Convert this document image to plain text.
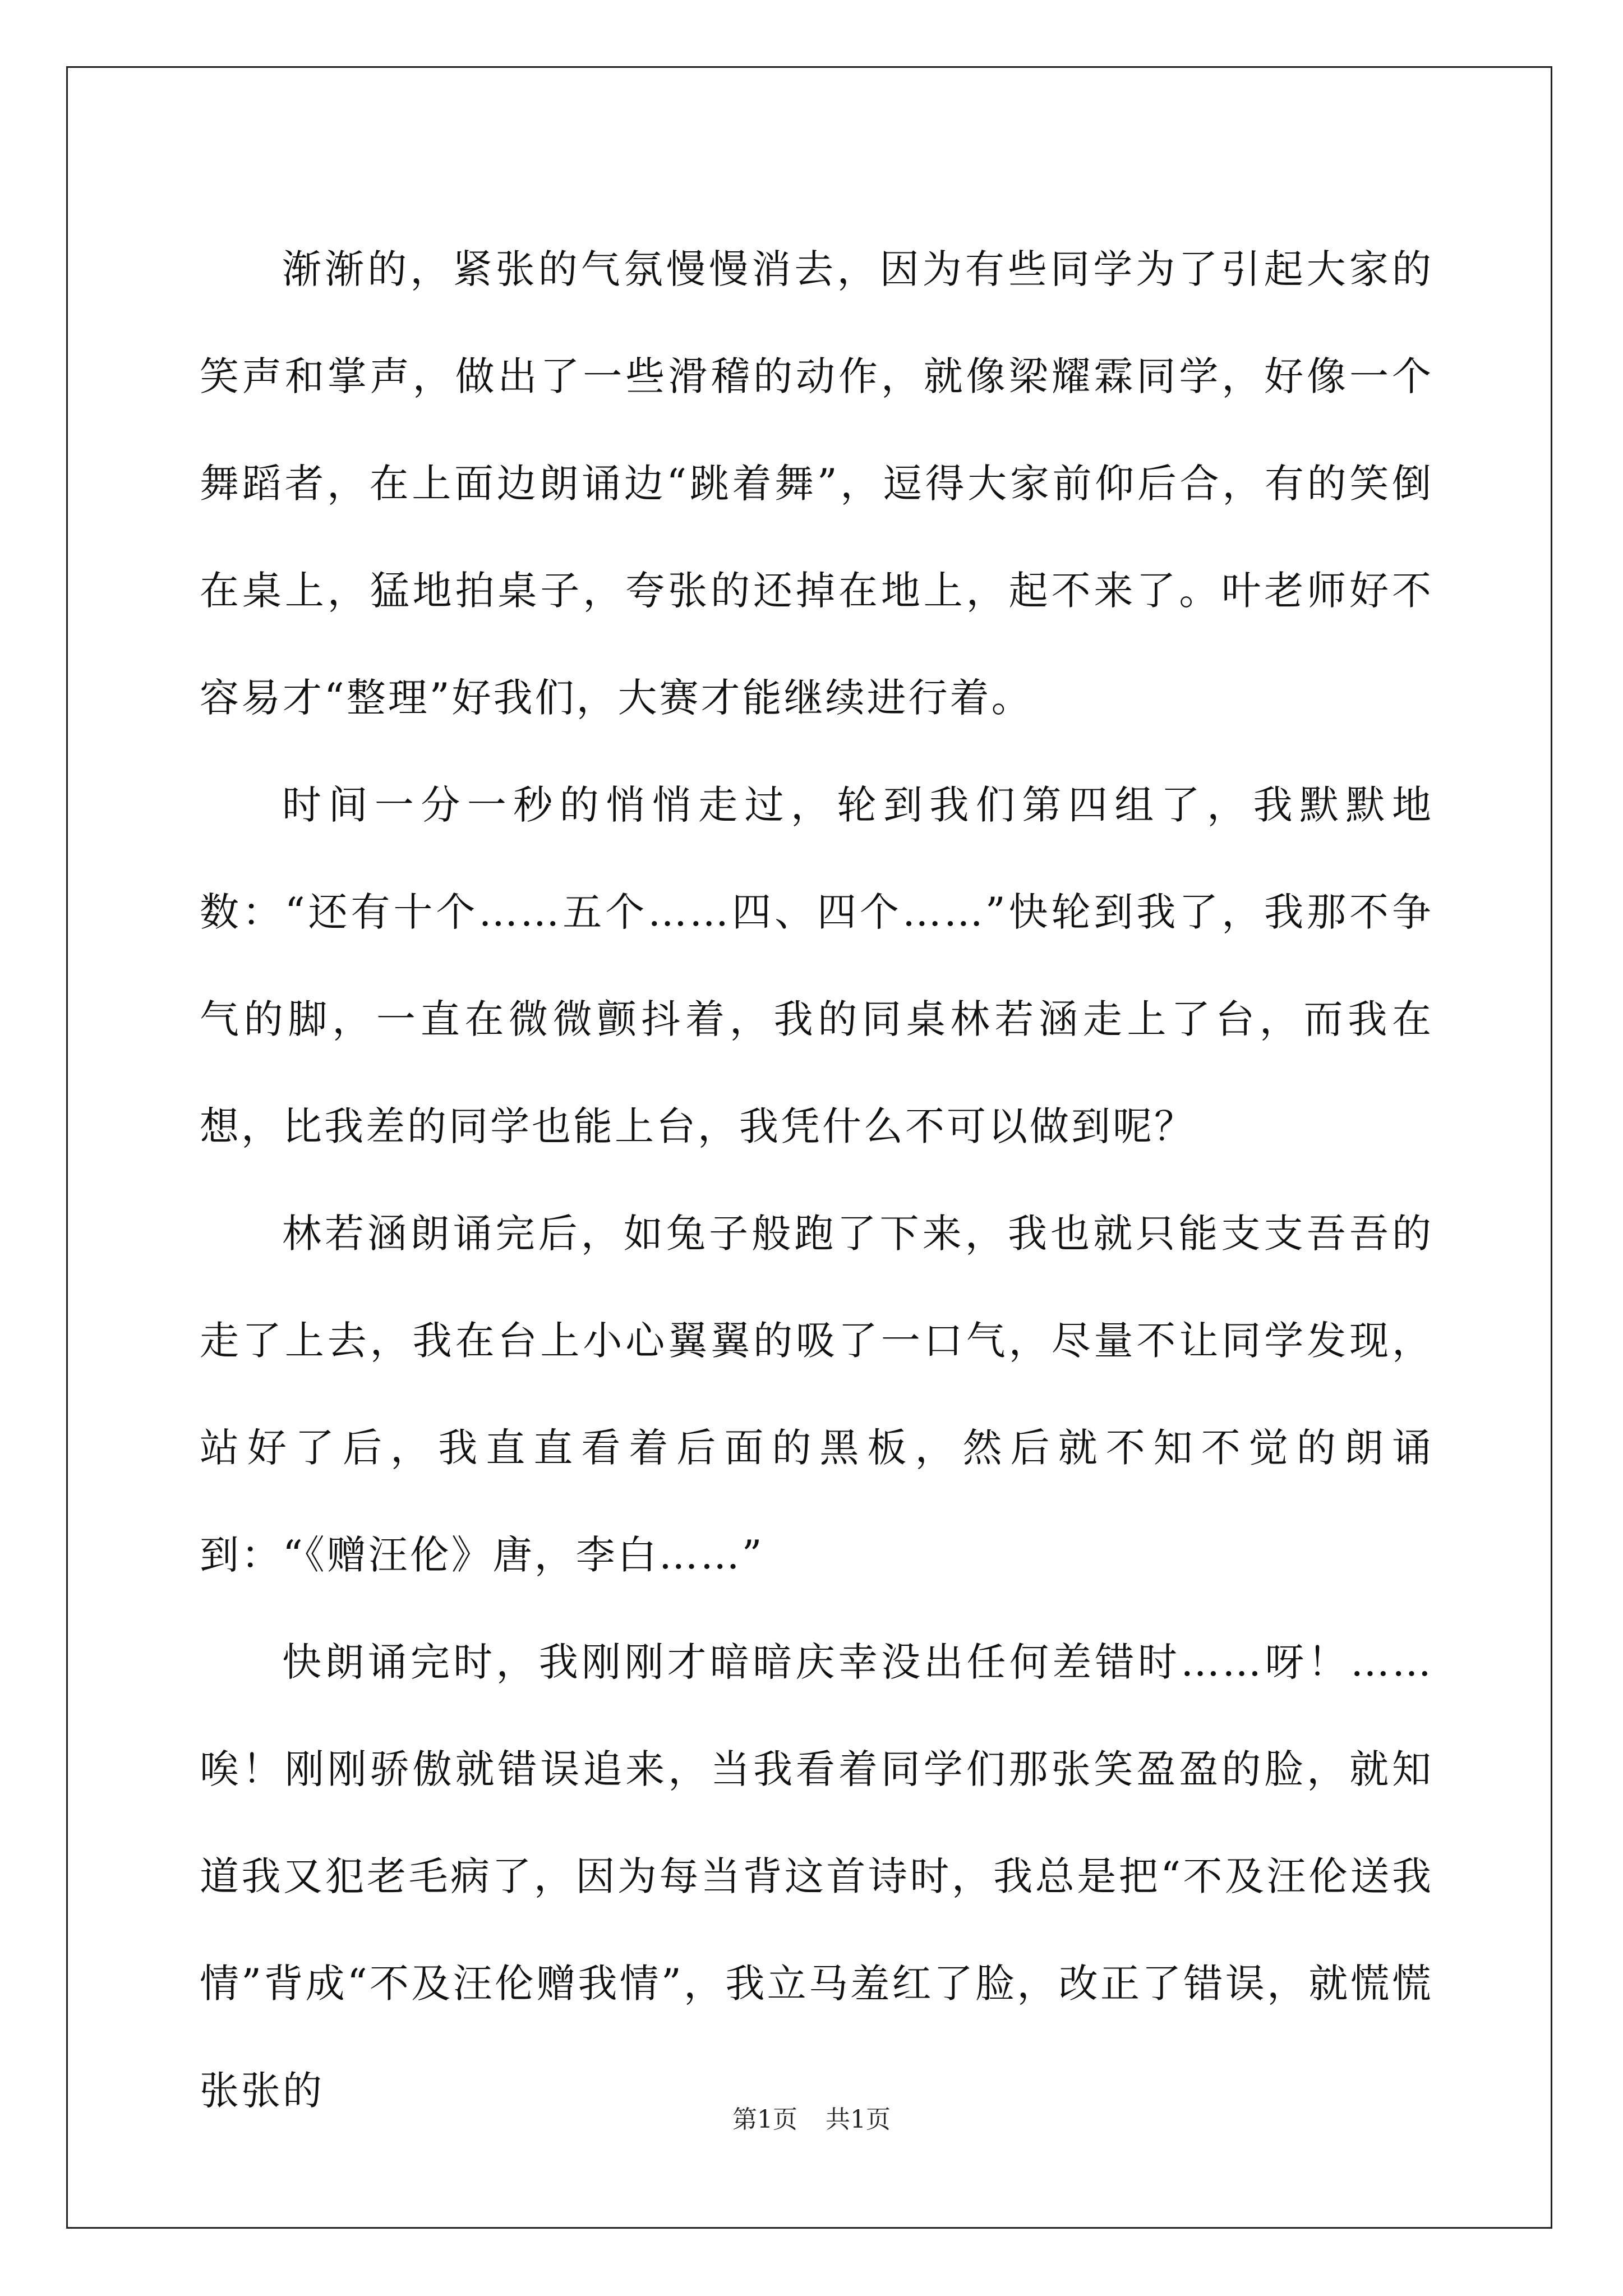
渐渐的，紧张的气氛慢慢消去，因为有些同学为了引起大家的笑声和掌声，做出了一些滑稽的动作，就像梁耀霖同学，好像一个舞蹈者，在上面边朗诵边“跳着舞”，逗得大家前仰后合，有的笑倒在桌上，猛地拍桌子，夸张的还掉在地上，起不来了。叶老师好不容易才“整理”好我们，大赛才能继续进行着。

时间一分一秒的悄悄走过，轮到我们第四组了，我默默地数：“还有十个……五个……四、四个……”快轮到我了，我那不争气的脚，一直在微微颤抖着，我的同桌林若涵走上了台，而我在想，比我差的同学也能上台，我凭什么不可以做到呢？

林若涵朗诵完后，如兔子般跑了下来，我也就只能支支吾吾的走了上去，我在台上小心翼翼的吸了一口气，尽量不让同学发现，站好了后，我直直看着后面的黑板，然后就不知不觉的朗诵到：“《赠汪伦》唐，李白……”

快朗诵完时，我刚刚才暗暗庆幸没出任何差错时……呀！……唉！刚刚骄傲就错误追来，当我看着同学们那张笑盈盈的脸，就知道我又犯老毛病了，因为每当背这首诗时，我总是把“不及汪伦送我情”背成“不及汪伦赠我情”，我立马羞红了脸，改正了错误，就慌慌张张的

第1页 共1页
